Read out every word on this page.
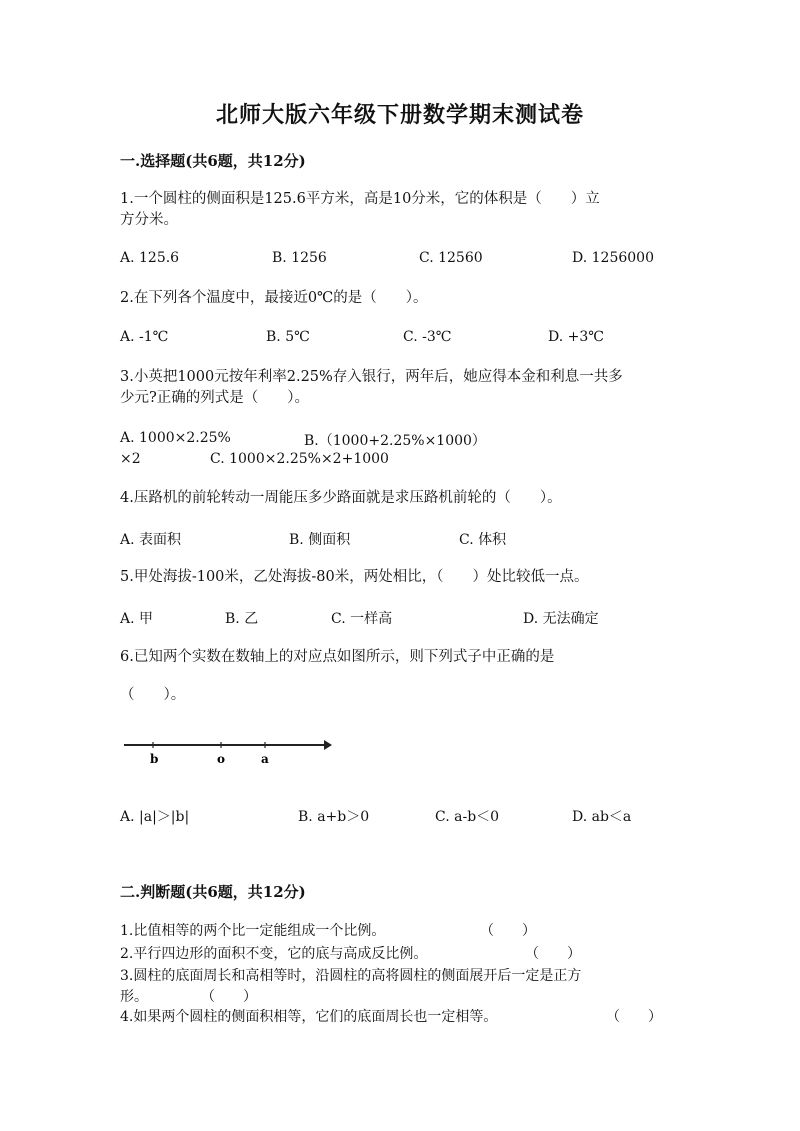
北师大版六年级下册数学期末测试卷
一.选择题(共6题，共12分)
1.一个圆柱的侧面积是125.6平方米，高是10分米，它的体积是（　　）立
方分米。
A. 125.6	B. 1256	C. 12560	D. 1256000
2.在下列各个温度中，最接近0℃的是（　　）。
A. -1℃	B. 5℃	C. -3℃	D. +3℃
3.小英把1000元按年利率2.25%存入银行，两年后，她应得本金和利息一共多
少元?正确的列式是（　　）。
A. 1000×2.25%	B.（1000+2.25%×1000）
×2	C. 1000×2.25%×2+1000
4.压路机的前轮转动一周能压多少路面就是求压路机前轮的（　　）。
A. 表面积	B. 侧面积	C. 体积
5.甲处海拔-100米，乙处海拔-80米，两处相比，（　　）处比较低一点。
A. 甲	B. 乙	C. 一样高	D. 无法确定
6.已知两个实数在数轴上的对应点如图所示，则下列式子中正确的是
（　　）。
b	o	a
A. |a|＞|b|	B. a+b＞0	C. a-b＜0	D. ab＜a
二.判断题(共6题，共12分)
1.比值相等的两个比一定能组成一个比例。	（　　）
2.平行四边形的面积不变，它的底与高成反比例。	（　　）
3.圆柱的底面周长和高相等时，沿圆柱的高将圆柱的侧面展开后一定是正方
形。	（　　）
4.如果两个圆柱的侧面积相等，它们的底面周长也一定相等。	（　　）
